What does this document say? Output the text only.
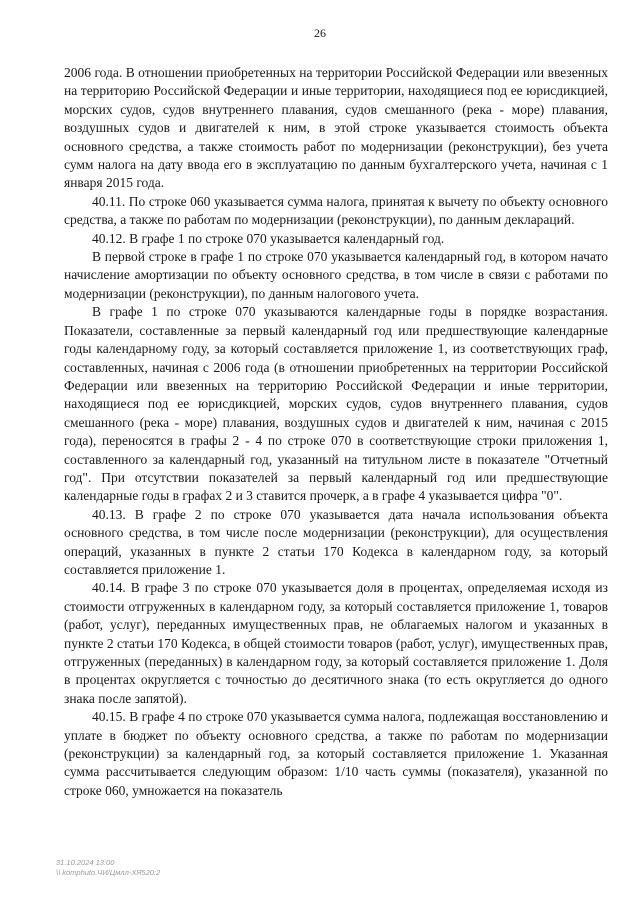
26

2006 года. В отношении приобретенных на территории Российской Федерации или ввезенных на территорию Российской Федерации и иные территории, находящиеся под ее юрисдикцией, морских судов, судов внутреннего плавания, судов смешанного (река - море) плавания, воздушных судов и двигателей к ним, в этой строке указывается стоимость объекта основного средства, а также стоимость работ по модернизации (реконструкции), без учета сумм налога на дату ввода его в эксплуатацию по данным бухгалтерского учета, начиная с 1 января 2015 года.

40.11. По строке 060 указывается сумма налога, принятая к вычету по объекту основного средства, а также по работам по модернизации (реконструкции), по данным деклараций.

40.12. В графе 1 по строке 070 указывается календарный год.

В первой строке в графе 1 по строке 070 указывается календарный год, в котором начато начисление амортизации по объекту основного средства, в том числе в связи с работами по модернизации (реконструкции), по данным налогового учета.

В графе 1 по строке 070 указываются календарные годы в порядке возрастания. Показатели, составленные за первый календарный год или предшествующие календарные годы календарному году, за который составляется приложение 1, из соответствующих граф, составленных, начиная с 2006 года (в отношении приобретенных на территории Российской Федерации или ввезенных на территорию Российской Федерации и иные территории, находящиеся под ее юрисдикцией, морских судов, судов внутреннего плавания, судов смешанного (река - море) плавания, воздушных судов и двигателей к ним, начиная с 2015 года), переносятся в графы 2 - 4 по строке 070 в соответствующие строки приложения 1, составленного за календарный год, указанный на титульном листе в показателе "Отчетный год". При отсутствии показателей за первый календарный год или предшествующие календарные годы в графах 2 и 3 ставится прочерк, а в графе 4 указывается цифра "0".

40.13. В графе 2 по строке 070 указывается дата начала использования объекта основного средства, в том числе после модернизации (реконструкции), для осуществления операций, указанных в пункте 2 статьи 170 Кодекса в календарном году, за который составляется приложение 1.

40.14. В графе 3 по строке 070 указывается доля в процентах, определяемая исходя из стоимости отгруженных в календарном году, за который составляется приложение 1, товаров (работ, услуг), переданных имущественных прав, не облагаемых налогом и указанных в пункте 2 статьи 170 Кодекса, в общей стоимости товаров (работ, услуг), имущественных прав, отгруженных (переданных) в календарном году, за который составляется приложение 1. Доля в процентах округляется с точностью до десятичного знака (то есть округляется до одного знака после запятой).

40.15. В графе 4 по строке 070 указывается сумма налога, подлежащая восстановлению и уплате в бюджет по объекту основного средства, а также по работам по модернизации (реконструкции) за календарный год, за который составляется приложение 1. Указанная сумма рассчитывается следующим образом: 1/10 часть суммы (показателя), указанной по строке 060, умножается на показатель

31.10.2024 13:00
\\ komphuto.ЧИ/Цмлл-ХЯ520:2
